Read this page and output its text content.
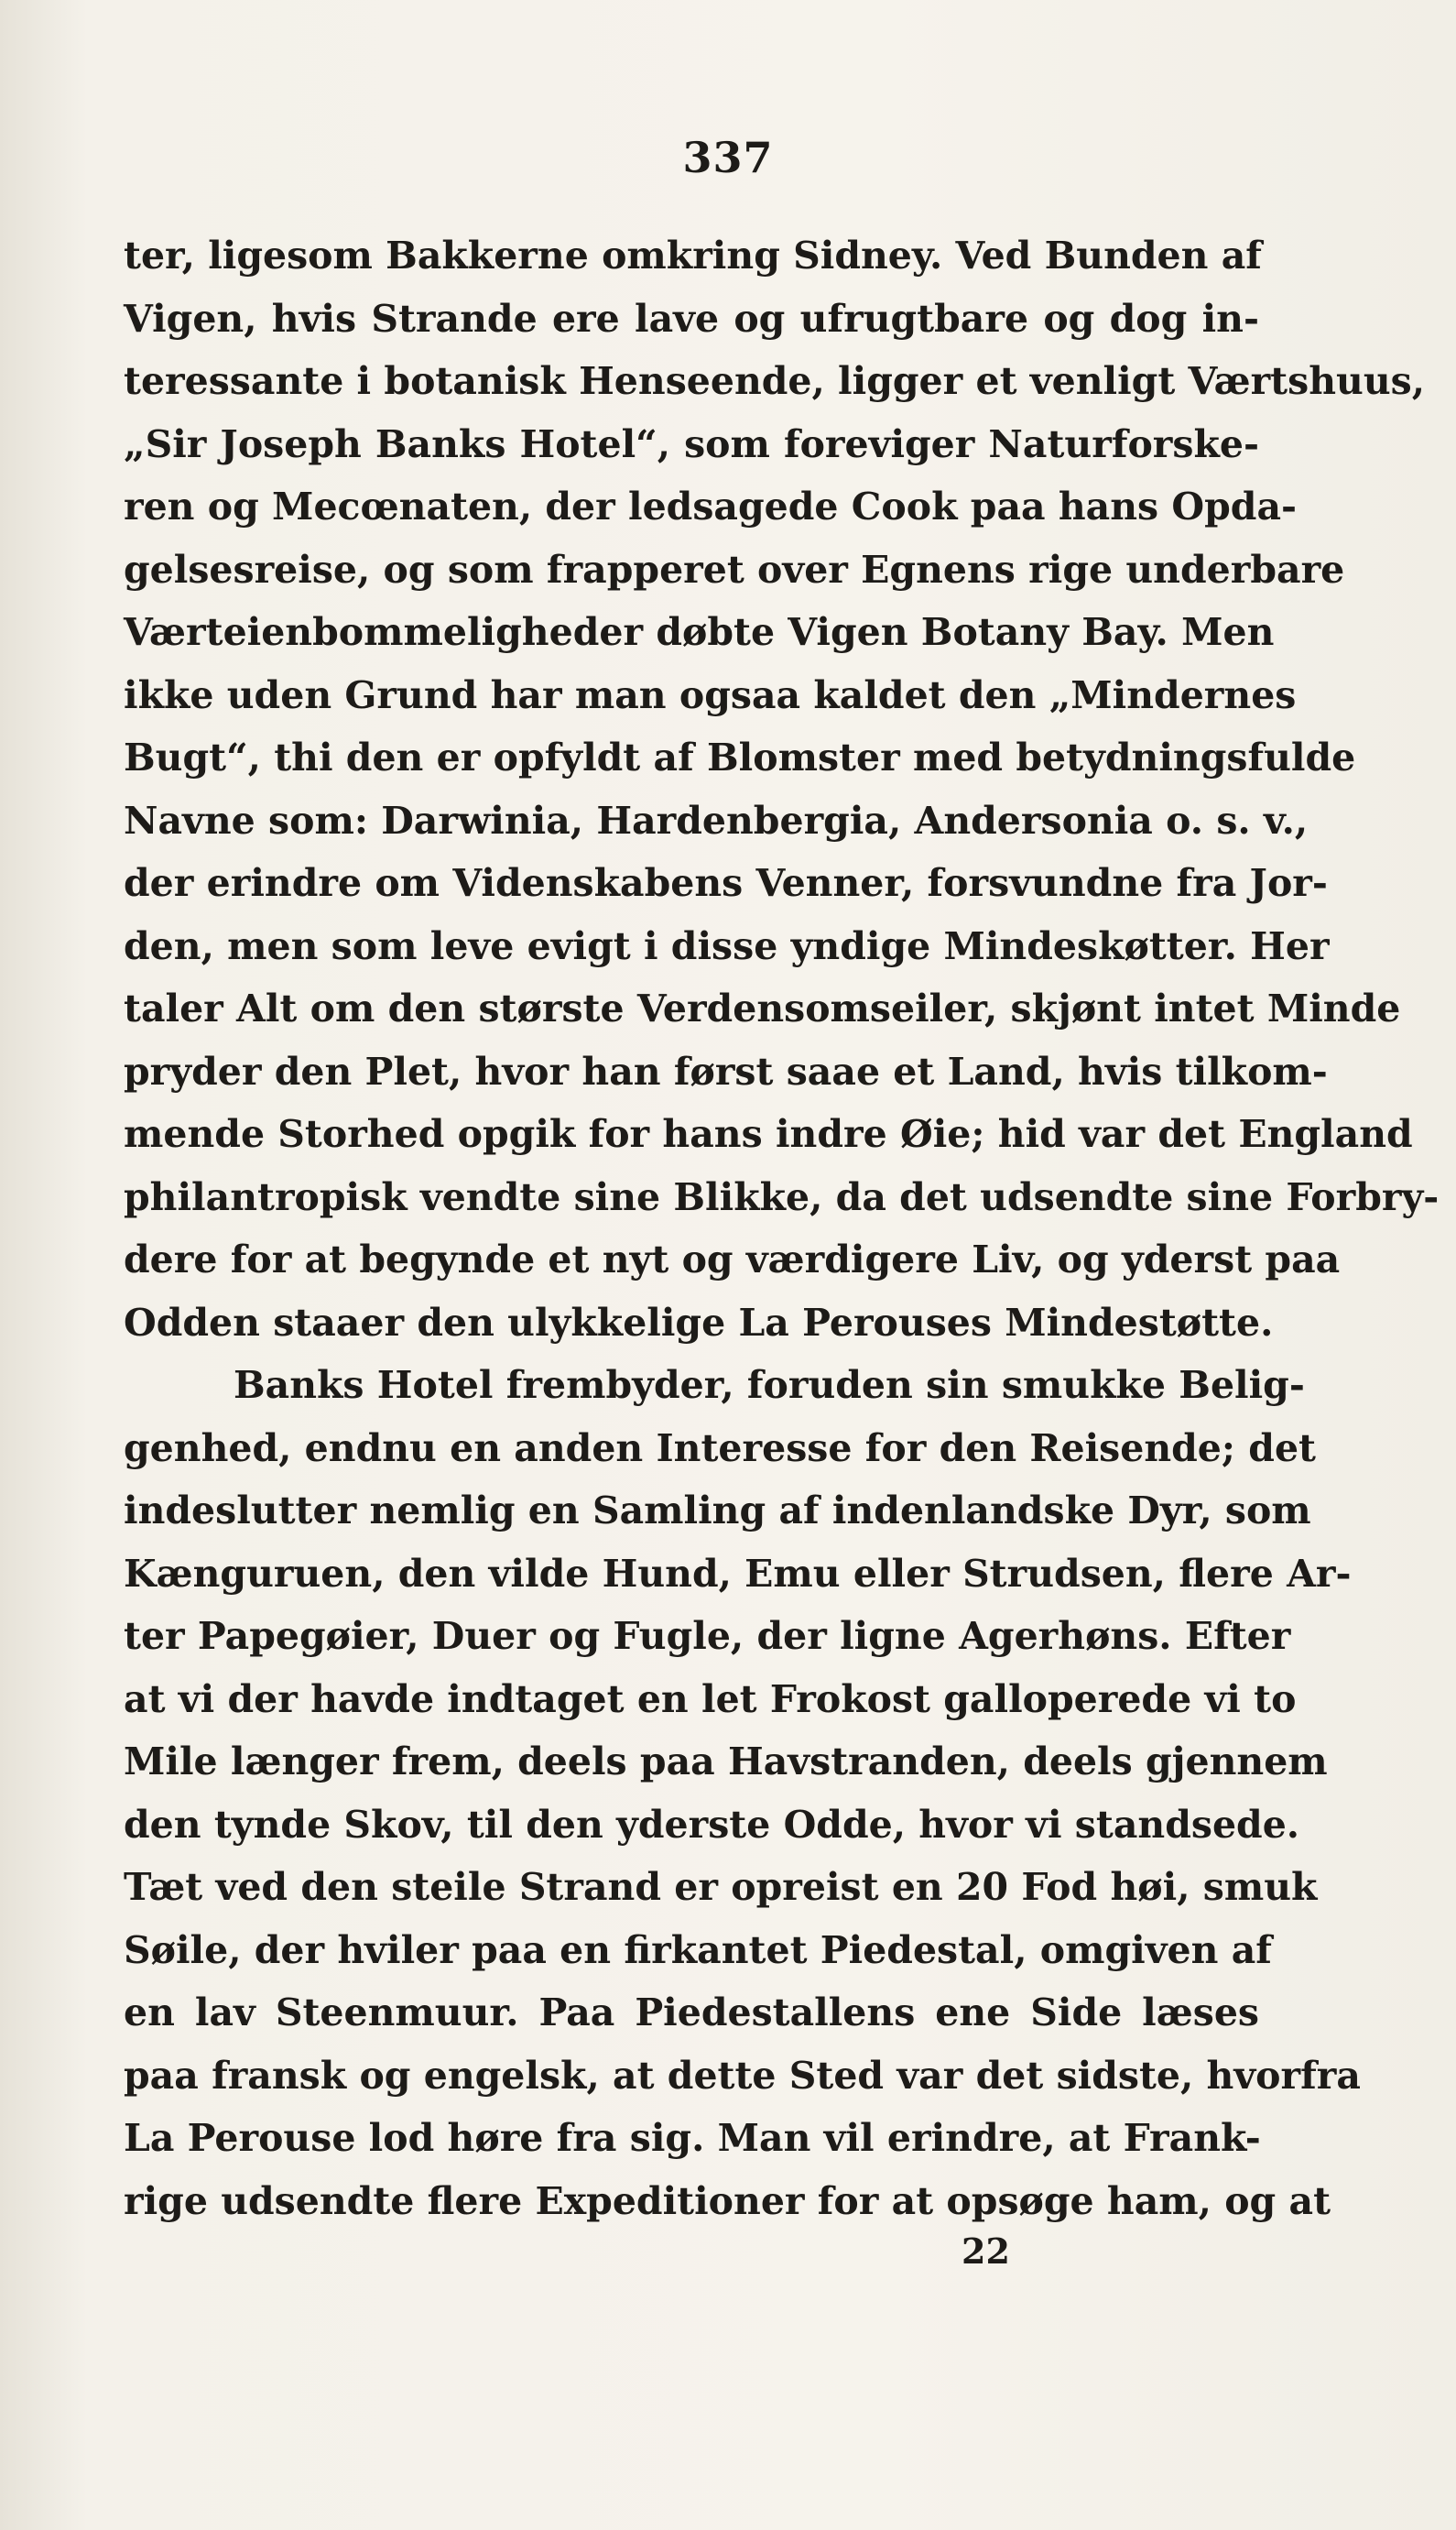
337
ter, ligesom Bakkerne omkring Sidney. Ved Bunden af
Vigen, hvis Strande ere lave og ufrugtbare og dog in-
teressante i botanisk Henseende, ligger et venligt Værtshuus,
„Sir Joseph Banks Hotel“, som foreviger Naturforske-
ren og Mecœnaten, der ledsagede Cook paa hans Opda-
gelsesreise, og som frapperet over Egnens rige underbare
Værteienbommeligheder døbte Vigen Botany Bay. Men
ikke uden Grund har man ogsaa kaldet den „Mindernes
Bugt“, thi den er opfyldt af Blomster med betydningsfulde
Navne som: Darwinia, Hardenbergia, Andersonia o. s. v.,
der erindre om Videnskabens Venner, forsvundne fra Jor-
den, men som leve evigt i disse yndige Mindeskøtter. Her
taler Alt om den største Verdensomseiler, skjønt intet Minde
pryder den Plet, hvor han først saae et Land, hvis tilkom-
mende Storhed opgik for hans indre Øie; hid var det England
philantropisk vendte sine Blikke, da det udsendte sine Forbry-
dere for at begynde et nyt og værdigere Liv, og yderst paa
Odden staaer den ulykkelige La Perouses Mindestøtte.
Banks Hotel frembyder, foruden sin smukke Belig-
genhed, endnu en anden Interesse for den Reisende; det
indeslutter nemlig en Samling af indenlandske Dyr, som
Kænguruen, den vilde Hund, Emu eller Strudsen, flere Ar-
ter Papegøier, Duer og Fugle, der ligne Agerhøns. Efter
at vi der havde indtaget en let Frokost galloperede vi to
Mile længer frem, deels paa Havstranden, deels gjennem
den tynde Skov, til den yderste Odde, hvor vi standsede.
Tæt ved den steile Strand er opreist en 20 Fod høi, smuk
Søile, der hviler paa en firkantet Piedestal, omgiven af
en lav Steenmuur. Paa Piedestallens ene Side læses
paa fransk og engelsk, at dette Sted var det sidste, hvorfra
La Perouse lod høre fra sig. Man vil erindre, at Frank-
rige udsendte flere Expeditioner for at opsøge ham, og at
22
